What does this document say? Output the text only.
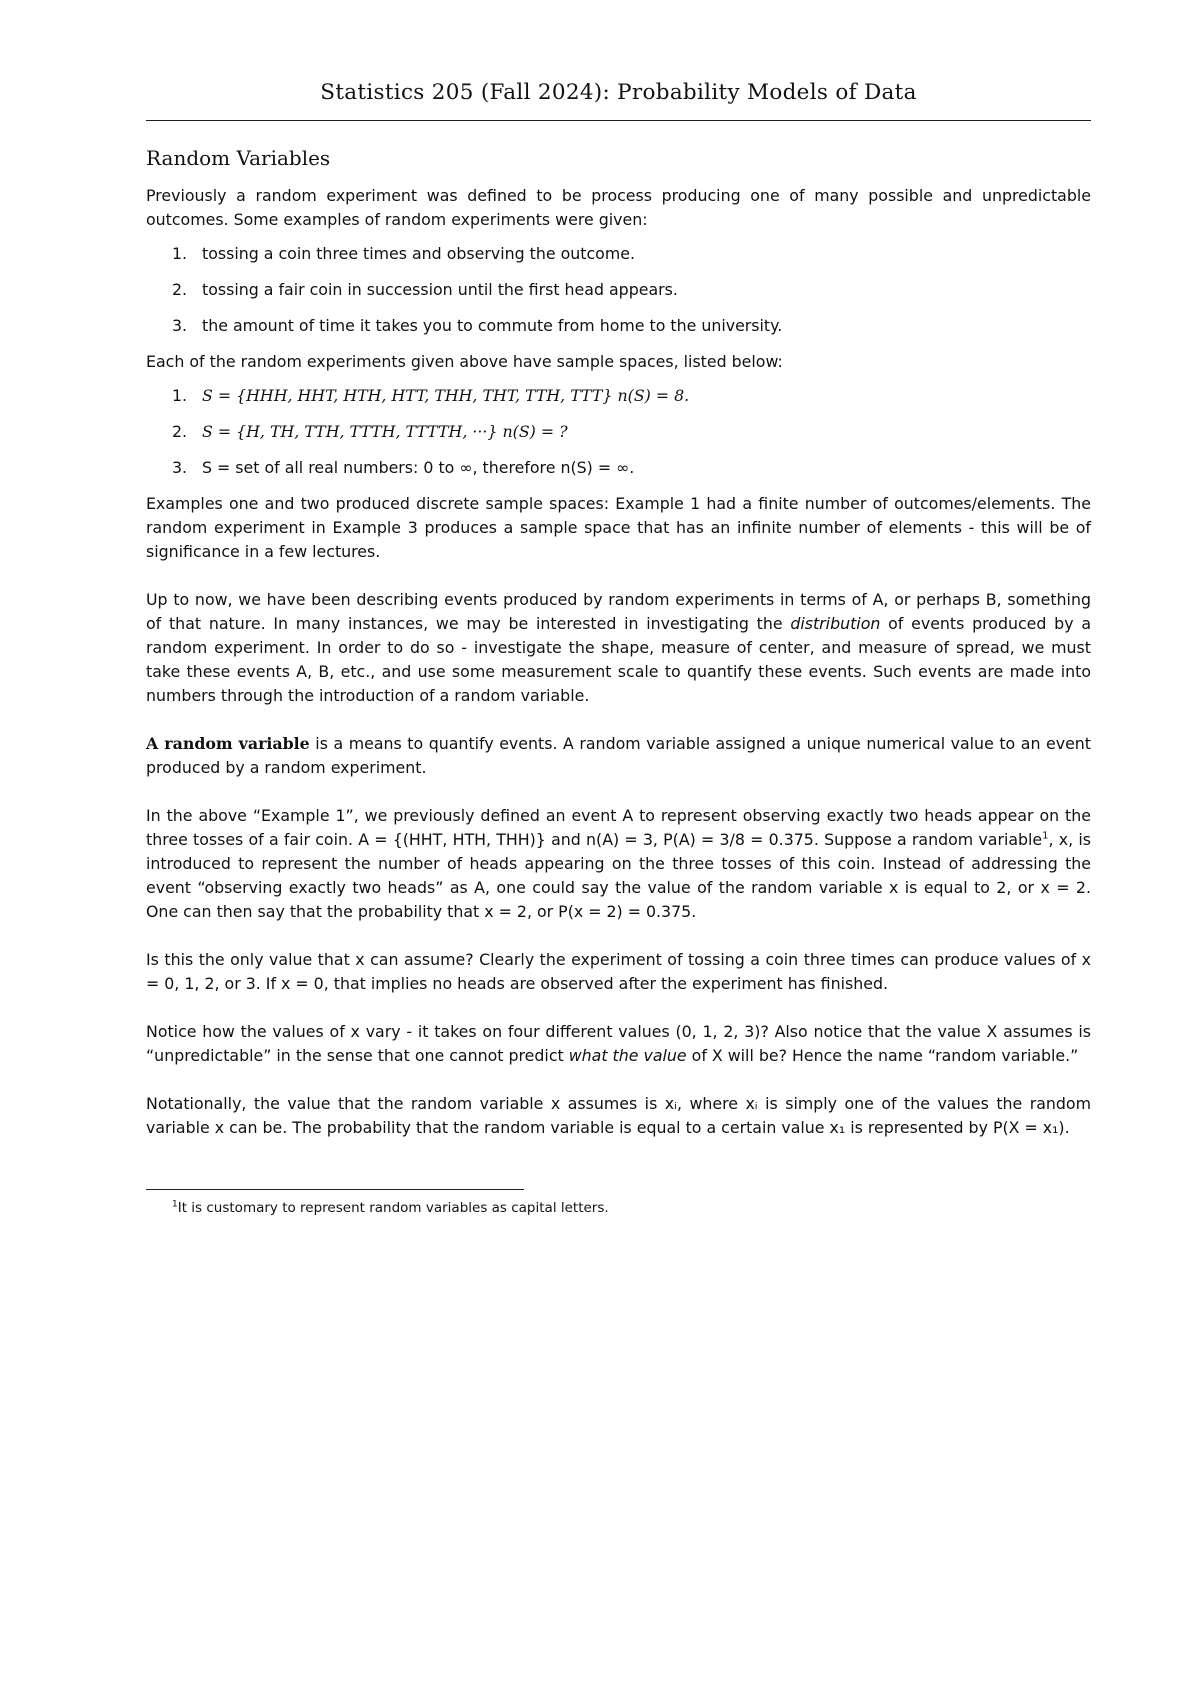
Statistics 205 (Fall 2024): Probability Models of Data
Random Variables

Previously a random experiment was defined to be process producing one of many possible and unpredictable outcomes. Some examples of random experiments were given:

1. tossing a coin three times and observing the outcome.
2. tossing a fair coin in succession until the first head appears.
3. the amount of time it takes you to commute from home to the university.

Each of the random experiments given above have sample spaces, listed below:

1. S = {HHH, HHT, HTH, HTT, THH, THT, TTH, TTT} n(S) = 8.
2. S = {H, TH, TTH, TTTH, TTTTH, ···} n(S) = ?
3. S = set of all real numbers: 0 to ∞, therefore n(S) = ∞.

Examples one and two produced discrete sample spaces: Example 1 had a finite number of outcomes/elements. The random experiment in Example 3 produces a sample space that has an infinite number of elements - this will be of significance in a few lectures.

Up to now, we have been describing events produced by random experiments in terms of A, or perhaps B, something of that nature. In many instances, we may be interested in investigating the distribution of events produced by a random experiment. In order to do so - investigate the shape, measure of center, and measure of spread, we must take these events A, B, etc., and use some measurement scale to quantify these events. Such events are made into numbers through the introduction of a random variable.

A random variable is a means to quantify events. A random variable assigned a unique numerical value to an event produced by a random experiment.

In the above “Example 1”, we previously defined an event A to represent observing exactly two heads appear on the three tosses of a fair coin. A = {(HHT, HTH, THH)} and n(A) = 3, P(A) = 3/8 = 0.375. Suppose a random variable$^1$, x, is introduced to represent the number of heads appearing on the three tosses of this coin. Instead of addressing the event “observing exactly two heads” as A, one could say the value of the random variable x is equal to 2, or x = 2. One can then say that the probability that x = 2, or P(x = 2) = 0.375.

Is this the only value that x can assume? Clearly the experiment of tossing a coin three times can produce values of x = 0, 1, 2, or 3. If x = 0, that implies no heads are observed after the experiment has finished.

Notice how the values of x vary - it takes on four different values (0, 1, 2, 3)? Also notice that the value X assumes is “unpredictable” in the sense that one cannot predict what the value of X will be? Hence the name “random variable.”

Notationally, the value that the random variable x assumes is xᵢ, where xᵢ is simply one of the values the random variable x can be. The probability that the random variable is equal to a certain value x₁ is represented by P(X = x₁).

$^1$It is customary to represent random variables as capital letters.
